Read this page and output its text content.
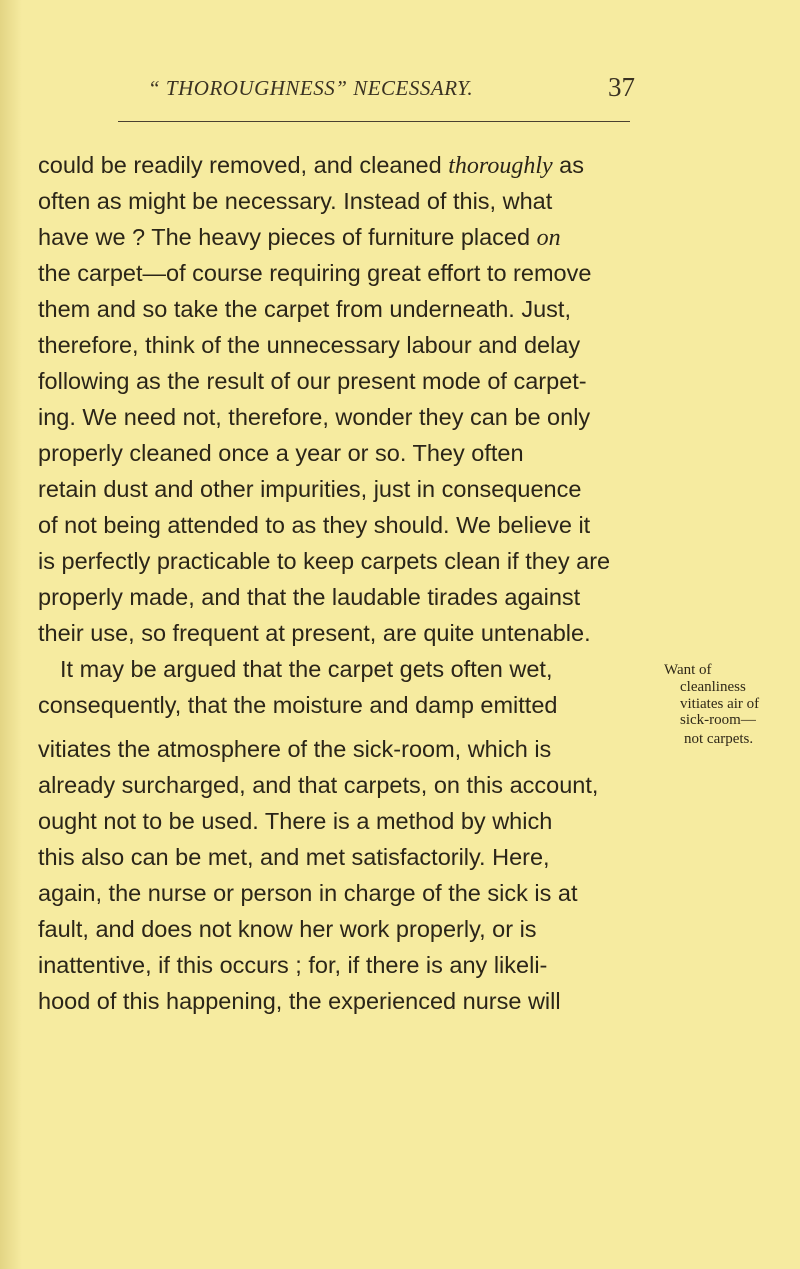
“ THOROUGHNESS” NECESSARY.	37
could be readily removed, and cleaned thoroughly as
often as might be necessary. Instead of this, what
have we ? The heavy pieces of furniture placed on
the carpet—of course requiring great effort to remove
them and so take the carpet from underneath. Just,
therefore, think of the unnecessary labour and delay
following as the result of our present mode of carpet-
ing. We need not, therefore, wonder they can be only
properly cleaned once a year or so. They often
retain dust and other impurities, just in consequence
of not being attended to as they should. We believe it
is perfectly practicable to keep carpets clean if they are
properly made, and that the laudable tirades against
their use, so frequent at present, are quite untenable.
It may be argued that the carpet gets often wet,
consequently, that the moisture and damp emitted
vitiates the atmosphere of the sick-room, which is
already surcharged, and that carpets, on this account,
ought not to be used. There is a method by which
this also can be met, and met satisfactorily. Here,
again, the nurse or person in charge of the sick is at
fault, and does not know her work properly, or is
inattentive, if this occurs ; for, if there is any likeli-
hood of this happening, the experienced nurse will
Want of
cleanliness
vitiates air of
sick-room—
not carpets.
